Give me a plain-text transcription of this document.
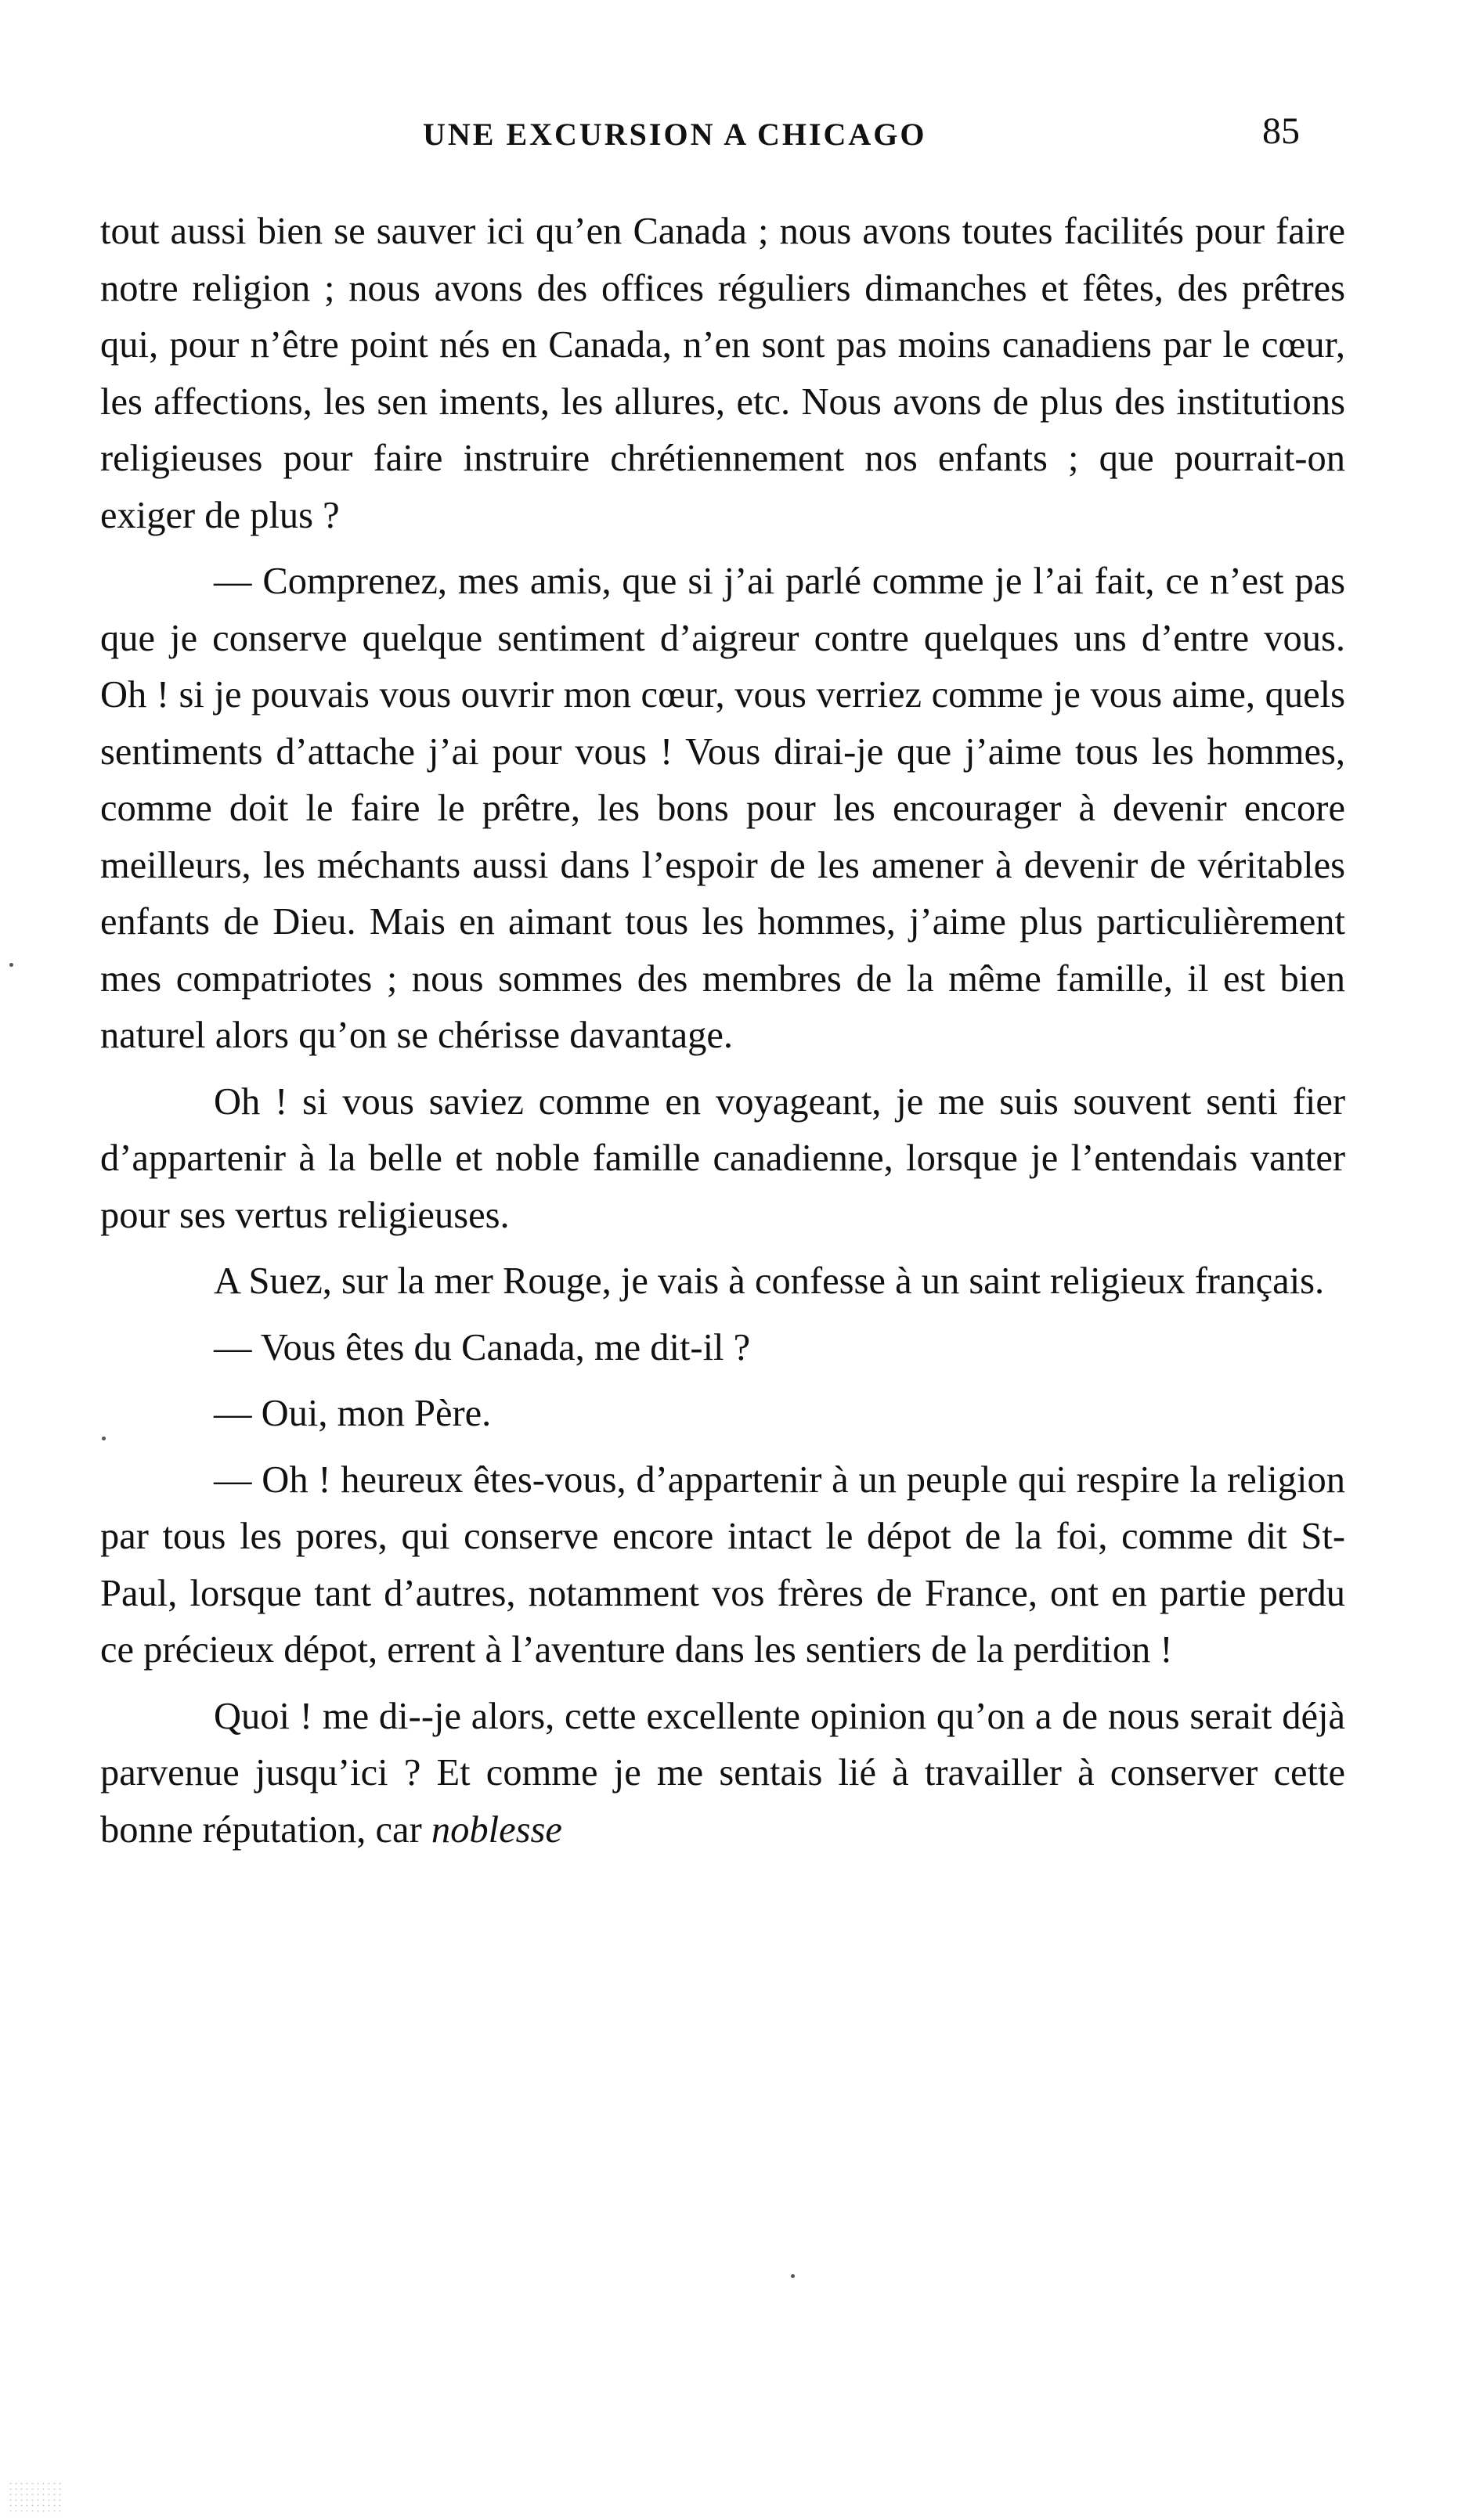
UNE EXCURSION A CHICAGO	85

tout aussi bien se sauver ici qu’en Canada ; nous avons toutes facilités pour faire notre religion ; nous avons des offices réguliers dimanches et fêtes, des prêtres qui, pour n’être point nés en Canada, n’en sont pas moins canadiens par le cœur, les affections, les sen iments, les allures, etc. Nous avons de plus des institutions religieuses pour faire instruire chrétiennement nos enfants ; que pourrait-on exiger de plus ?

— Comprenez, mes amis, que si j’ai parlé comme je l’ai fait, ce n’est pas que je conserve quelque sentiment d’aigreur contre quelques uns d’entre vous. Oh ! si je pouvais vous ouvrir mon cœur, vous verriez comme je vous aime, quels sentiments d’attache j’ai pour vous ! Vous dirai-je que j’aime tous les hommes, comme doit le faire le prêtre, les bons pour les encourager à devenir encore meilleurs, les méchants aussi dans l’espoir de les amener à devenir de véritables enfants de Dieu. Mais en aimant tous les hommes, j’aime plus particulièrement mes compatriotes ; nous sommes des membres de la même famille, il est bien naturel alors qu’on se chérisse davantage.

Oh ! si vous saviez comme en voyageant, je me suis souvent senti fier d’appartenir à la belle et noble famille canadienne, lorsque je l’entendais vanter pour ses vertus religieuses.

A Suez, sur la mer Rouge, je vais à confesse à un saint religieux français.

— Vous êtes du Canada, me dit-il ?

— Oui, mon Père.

— Oh ! heureux êtes-vous, d’appartenir à un peuple qui respire la religion par tous les pores, qui conserve encore intact le dépot de la foi, comme dit St-Paul, lorsque tant d’autres, notamment vos frères de France, ont en partie perdu ce précieux dépot, errent à l’aventure dans les sentiers de la perdition !

Quoi ! me di--je alors, cette excellente opinion qu’on a de nous serait déjà parvenue jusqu’ici ? Et comme je me sentais lié à travailler à conserver cette bonne réputation, car noblesse
